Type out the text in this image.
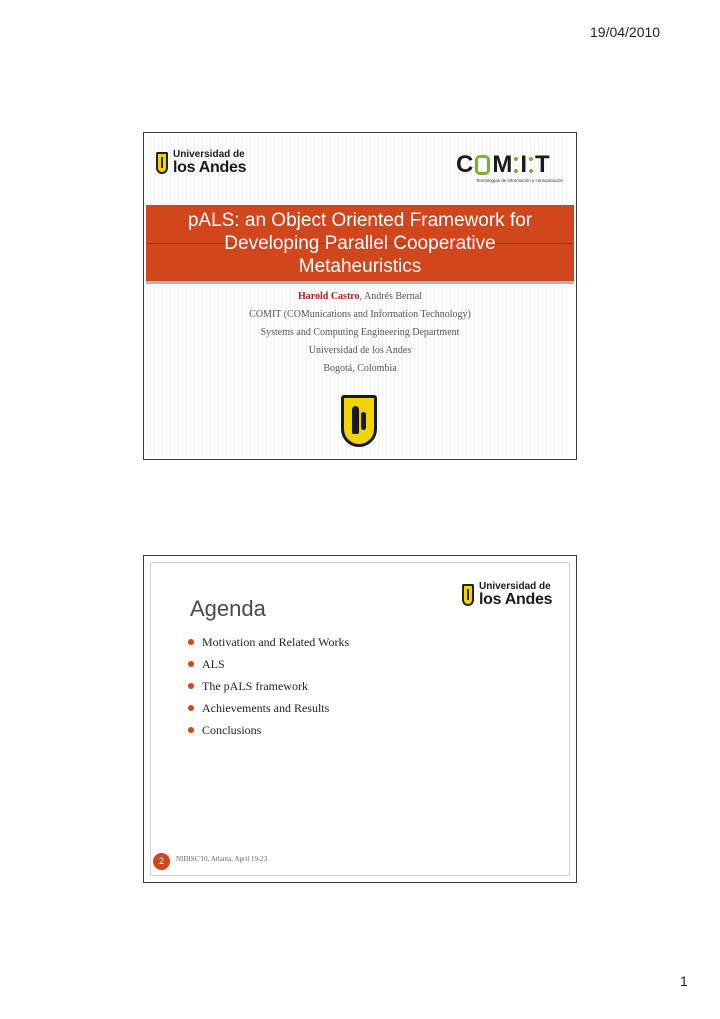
19/04/2010
Universidad de
los Andes	C M I T
Tecnologías de información y comunicación
pALS: an Object Oriented Framework for
Developing Parallel Cooperative
Metaheuristics
Harold Castro, Andrés Bernal
COMIT (COMunications and Information Technology)
Systems and Computing Engineering Department
Universidad de los Andes
Bogotá, Colombia
Universidad de
los Andes
Agenda
Motivation and Related Works
ALS
The pALS framework
Achievements and Results
Conclusions
2	NIDISC'10, Atlanta, April 19-23
1
